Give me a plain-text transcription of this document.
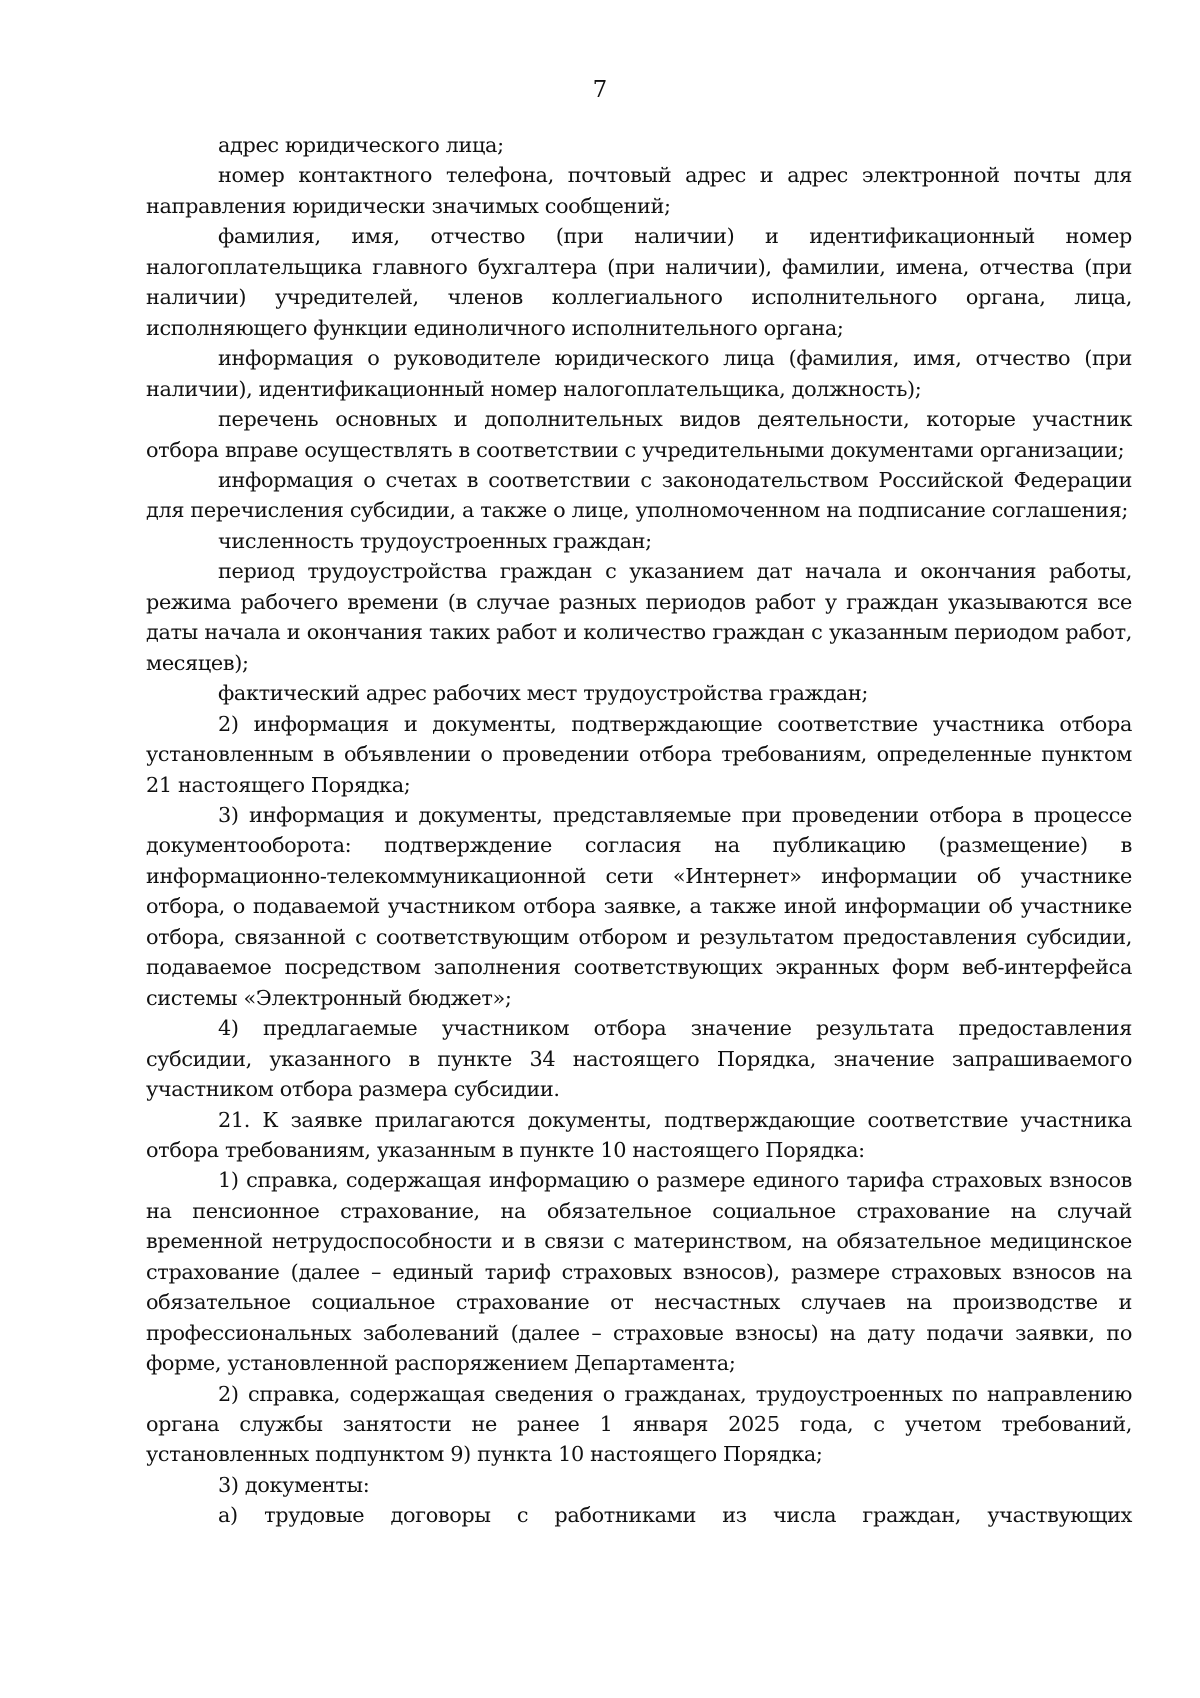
7

адрес юридического лица;

номер контактного телефона, почтовый адрес и адрес электронной почты для направления юридически значимых сообщений;

фамилия, имя, отчество (при наличии) и идентификационный номер налогоплательщика главного бухгалтера (при наличии), фамилии, имена, отчества (при наличии) учредителей, членов коллегиального исполнительного органа, лица, исполняющего функции единоличного исполнительного органа;

информация о руководителе юридического лица (фамилия, имя, отчество (при наличии), идентификационный номер налогоплательщика, должность);

перечень основных и дополнительных видов деятельности, которые участник отбора вправе осуществлять в соответствии с учредительными документами организации;

информация о счетах в соответствии с законодательством Российской Федерации для перечисления субсидии, а также о лице, уполномоченном на подписание соглашения;

численность трудоустроенных граждан;

период трудоустройства граждан с указанием дат начала и окончания работы, режима рабочего времени (в случае разных периодов работ у граждан указываются все даты начала и окончания таких работ и количество граждан с указанным периодом работ, месяцев);

фактический адрес рабочих мест трудоустройства граждан;

2) информация и документы, подтверждающие соответствие участника отбора установленным в объявлении о проведении отбора требованиям, определенные пунктом 21 настоящего Порядка;

3) информация и документы, представляемые при проведении отбора в процессе документооборота: подтверждение согласия на публикацию (размещение) в информационно-телекоммуникационной сети «Интернет» информации об участнике отбора, о подаваемой участником отбора заявке, а также иной информации об участнике отбора, связанной с соответствующим отбором и результатом предоставления субсидии, подаваемое посредством заполнения соответствующих экранных форм веб-интерфейса системы «Электронный бюджет»;

4) предлагаемые участником отбора значение результата предоставления субсидии, указанного в пункте 34 настоящего Порядка, значение запрашиваемого участником отбора размера субсидии.

21. К заявке прилагаются документы, подтверждающие соответствие участника отбора требованиям, указанным в пункте 10 настоящего Порядка:

1) справка, содержащая информацию о размере единого тарифа страховых взносов на пенсионное страхование, на обязательное социальное страхование на случай временной нетрудоспособности и в связи с материнством, на обязательное медицинское страхование (далее – единый тариф страховых взносов), размере страховых взносов на обязательное социальное страхование от несчастных случаев на производстве и профессиональных заболеваний (далее – страховые взносы) на дату подачи заявки, по форме, установленной распоряжением Департамента;

2) справка, содержащая сведения о гражданах, трудоустроенных по направлению органа службы занятости не ранее 1 января 2025 года, с учетом требований, установленных подпунктом 9) пункта 10 настоящего Порядка;

3) документы:

а) трудовые договоры с работниками из числа граждан, участвующих
